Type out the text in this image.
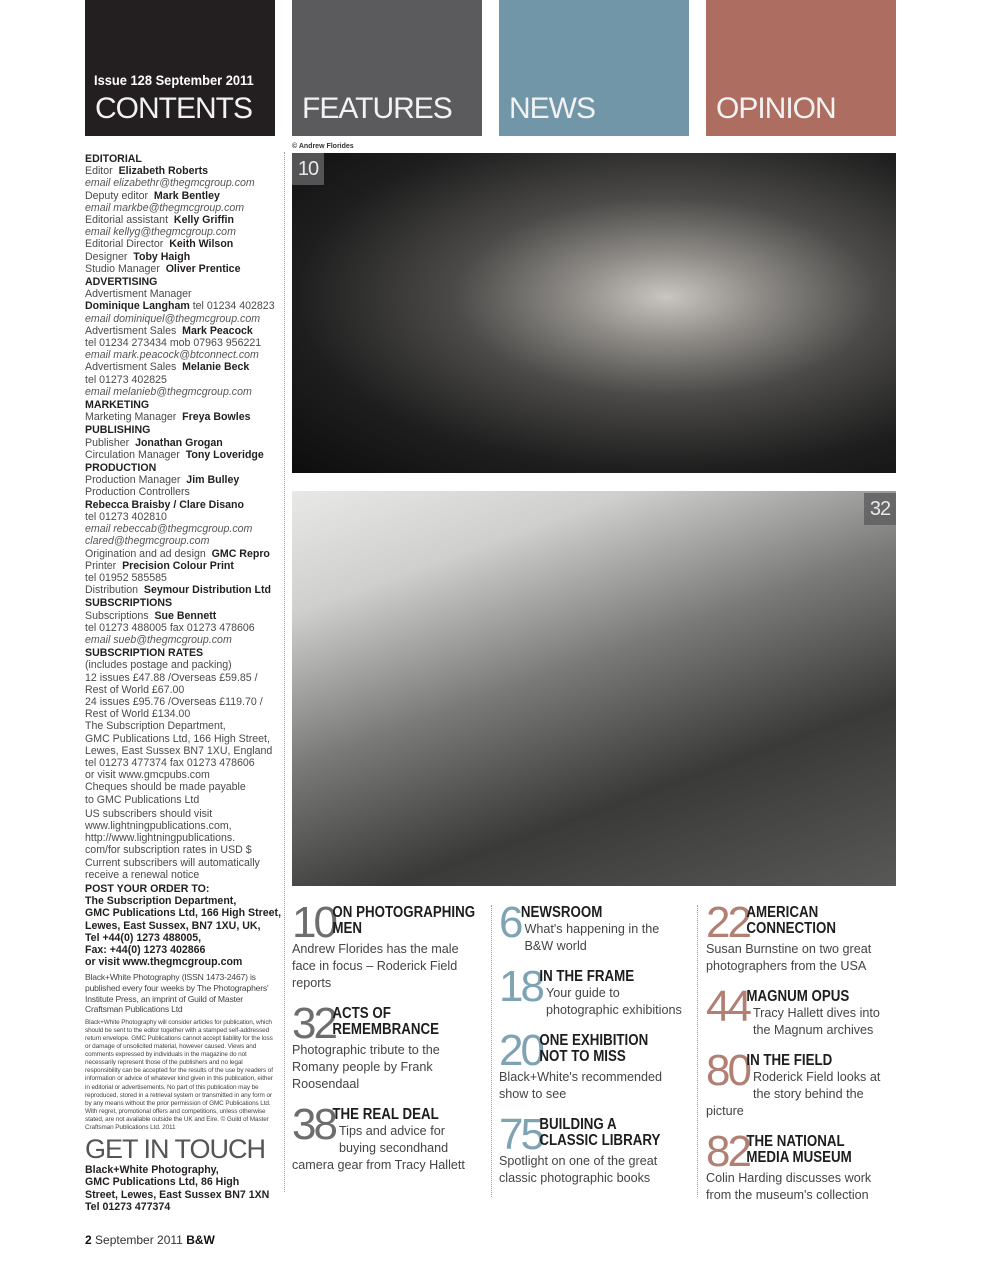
Issue 128 September 2011
CONTENTS FEATURES NEWS	OPINION
EDITORIAL
Editor Elizabeth Roberts
email elizabethr@thegmcgroup.com
Deputy editor Mark Bentley
email markbe@thegmcgroup.com
Editorial assistant Kelly Griffin
email kellyg@thegmcgroup.com
Editorial Director Keith Wilson
Designer Toby Haigh
Studio Manager Oliver Prentice
ADVERTISING
Advertisment Manager
Dominique Langham tel 01234 402823
email dominiquel@thegmcgroup.com
Advertisment Sales Mark Peacock
tel 01234 273434 mob 07963 956221
email mark.peacock@btconnect.com
Advertisment Sales Melanie Beck
tel 01273 402825
email melanieb@thegmcgroup.com
MARKETING
Marketing Manager Freya Bowles
PUBLISHING
Publisher Jonathan Grogan
Circulation Manager Tony Loveridge
PRODUCTION
Production Manager Jim Bulley
Production Controllers
Rebecca Braisby / Clare Disano
tel 01273 402810
email rebeccab@thegmcgroup.com
clared@thegmcgroup.com
Origination and ad design GMC Repro
Printer Precision Colour Print
tel 01952 585585
Distribution Seymour Distribution Ltd
SUBSCRIPTIONS
Subscriptions Sue Bennett
tel 01273 488005 fax 01273 478606
email sueb@thegmcgroup.com
SUBSCRIPTION RATES
(includes postage and packing)
12 issues £47.88 /Overseas £59.85 /
Rest of World £67.00
24 issues £95.76 /Overseas £119.70 /
Rest of World £134.00
The Subscription Department,
GMC Publications Ltd, 166 High Street,
Lewes, East Sussex BN7 1XU, England
tel 01273 477374 fax 01273 478606
or visit www.gmcpubs.com
Cheques should be made payable
to GMC Publications Ltd
US subscribers should visit
www.lightningpublications.com,
http://www.lightningpublications.
com/for subscription rates in USD $
Current subscribers will automatically
receive a renewal notice
POST YOUR ORDER TO:
The Subscription Department,
GMC Publications Ltd, 166 High Street,
Lewes, East Sussex, BN7 1XU, UK,
Tel +44(0) 1273 488005,
Fax: +44(0) 1273 402866
or visit www.thegmcgroup.com
Black+White Photography (ISSN 1473-2467) is published every four weeks by The Photographers' Institute Press, an imprint of Guild of Master Craftsman Publications Ltd
Black+White Photography will consider articles for publication, which should be sent to the editor together with a stamped self-addressed return envelope. GMC Publications cannot accept liability for the loss or damage of unsolicited material, however caused. Views and comments expressed by individuals in the magazine do not necessarily represent those of the publishers and no legal responsibility can be accepted for the results of the use by readers of information or advice of whatever kind given in this publication, either in editorial or advertisements. No part of this publication may be reproduced, stored in a retrieval system or transmitted in any form or by any means without the prior permission of GMC Publications Ltd. With regret, promotional offers and competitions, unless otherwise stated, are not available outside the UK and Eire. © Guild of Master Craftsman Publications Ltd. 2011
GET IN TOUCH
Black+White Photography,
GMC Publications Ltd, 86 High
Street, Lewes, East Sussex BN7 1XN
Tel 01273 477374
© Andrew Florides
10
32
10
ON PHOTOGRAPHING
MEN
Andrew Florides has the male face in focus – Roderick Field reports
32
ACTS OF
REMEMBRANCE
Photographic tribute to the Romany people by Frank Roosendaal
38
THE REAL DEAL
Tips and advice for buying secondhand camera gear from Tracy Hallett
6 NEWSROOM
What's happening in the B&W world
18
IN THE FRAME
Your guide to photographic exhibitions
20
ONE EXHIBITION
NOT TO MISS
Black+White's recommended show to see
75
BUILDING A
CLASSIC LIBRARY
Spotlight on one of the great classic photographic books
22
AMERICAN
CONNECTION
Susan Burnstine on two great photographers from the USA
44
MAGNUM OPUS
Tracy Hallett dives into the Magnum archives
80
IN THE FIELD
Roderick Field looks at the story behind the picture
82
THE NATIONAL
MEDIA MUSEUM
Colin Harding discusses work from the museum's collection
2 September 2011 B&W
